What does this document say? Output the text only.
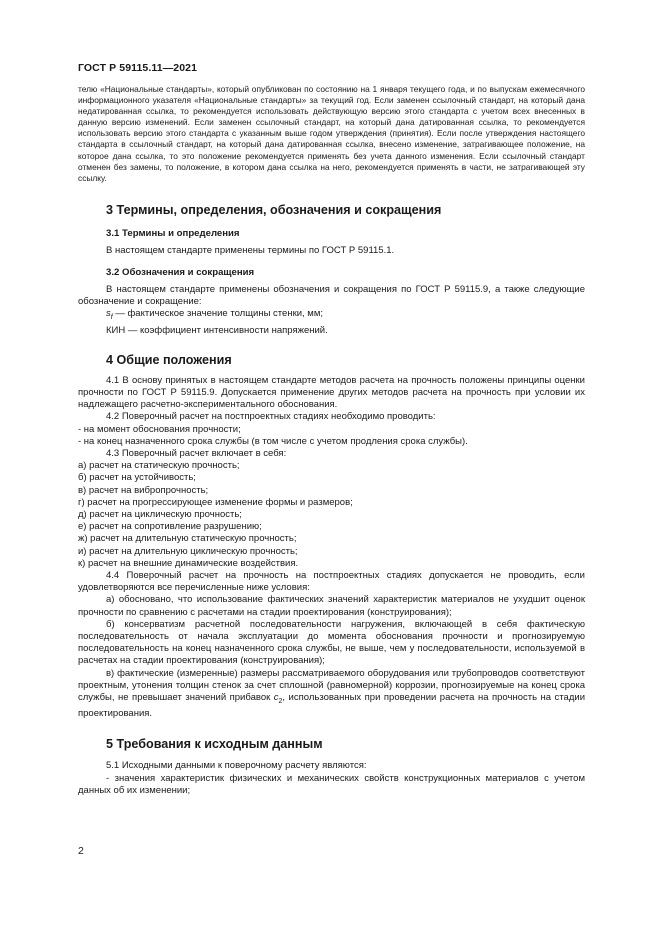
ГОСТ Р 59115.11—2021

телю «Национальные стандарты», который опубликован по состоянию на 1 января текущего года, и по выпускам ежемесячного информационного указателя «Национальные стандарты» за текущий год. Если заменен ссылочный стандарт, на который дана недатированная ссылка, то рекомендуется использовать действующую версию этого стандарта с учетом всех внесенных в данную версию изменений. Если заменен ссылочный стандарт, на который дана датированная ссылка, то рекомендуется использовать версию этого стандарта с указанным выше годом утверждения (принятия). Если после утверждения настоящего стандарта в ссылочный стандарт, на который дана датированная ссылка, внесено изменение, затрагивающее положение, на которое дана ссылка, то это положение рекомендуется применять без учета данного изменения. Если ссылочный стандарт отменен без замены, то положение, в котором дана ссылка на него, рекомендуется применять в части, не затрагивающей эту ссылку.

3 Термины, определения, обозначения и сокращения
3.1 Термины и определения

В настоящем стандарте применены термины по ГОСТ Р 59115.1.

3.2 Обозначения и сокращения

В настоящем стандарте применены обозначения и сокращения по ГОСТ Р 59115.9, а также следующие обозначение и сокращение:

$s_f$ — фактическое значение толщины стенки, мм;

КИН — коэффициент интенсивности напряжений.

4 Общие положения

4.1 В основу принятых в настоящем стандарте методов расчета на прочность положены принципы оценки прочности по ГОСТ Р 59115.9. Допускается применение других методов расчета на прочность при условии их надлежащего расчетно-экспериментального обоснования.

4.2 Поверочный расчет на постпроектных стадиях необходимо проводить:

- на момент обоснования прочности;

- на конец назначенного срока службы (в том числе с учетом продления срока службы).

4.3 Поверочный расчет включает в себя:

а) расчет на статическую прочность;

б) расчет на устойчивость;

в) расчет на вибропрочность;

г) расчет на прогрессирующее изменение формы и размеров;

д) расчет на циклическую прочность;

е) расчет на сопротивление разрушению;

ж) расчет на длительную статическую прочность;

и) расчет на длительную циклическую прочность;

к) расчет на внешние динамические воздействия.

4.4 Поверочный расчет на прочность на постпроектных стадиях допускается не проводить, если удовлетворяются все перечисленные ниже условия:

а) обосновано, что использование фактических значений характеристик материалов не ухудшит оценок прочности по сравнению с расчетами на стадии проектирования (конструирования);

б) консерватизм расчетной последовательности нагружения, включающей в себя фактическую последовательность от начала эксплуатации до момента обоснования прочности и прогнозируемую последовательность на конец назначенного срока службы, не выше, чем у последовательности, используемой в расчетах на стадии проектирования (конструирования);

в) фактические (измеренные) размеры рассматриваемого оборудования или трубопроводов соответствуют проектным, утонения толщин стенок за счет сплошной (равномерной) коррозии, прогнозируемые на конец срока службы, не превышает значений прибавок $c_2$, использованных при проведении расчета на прочность на стадии проектирования.

5 Требования к исходным данным

5.1 Исходными данными к поверочному расчету являются:

- значения характеристик физических и механических свойств конструкционных материалов с учетом данных об их изменении;

2
